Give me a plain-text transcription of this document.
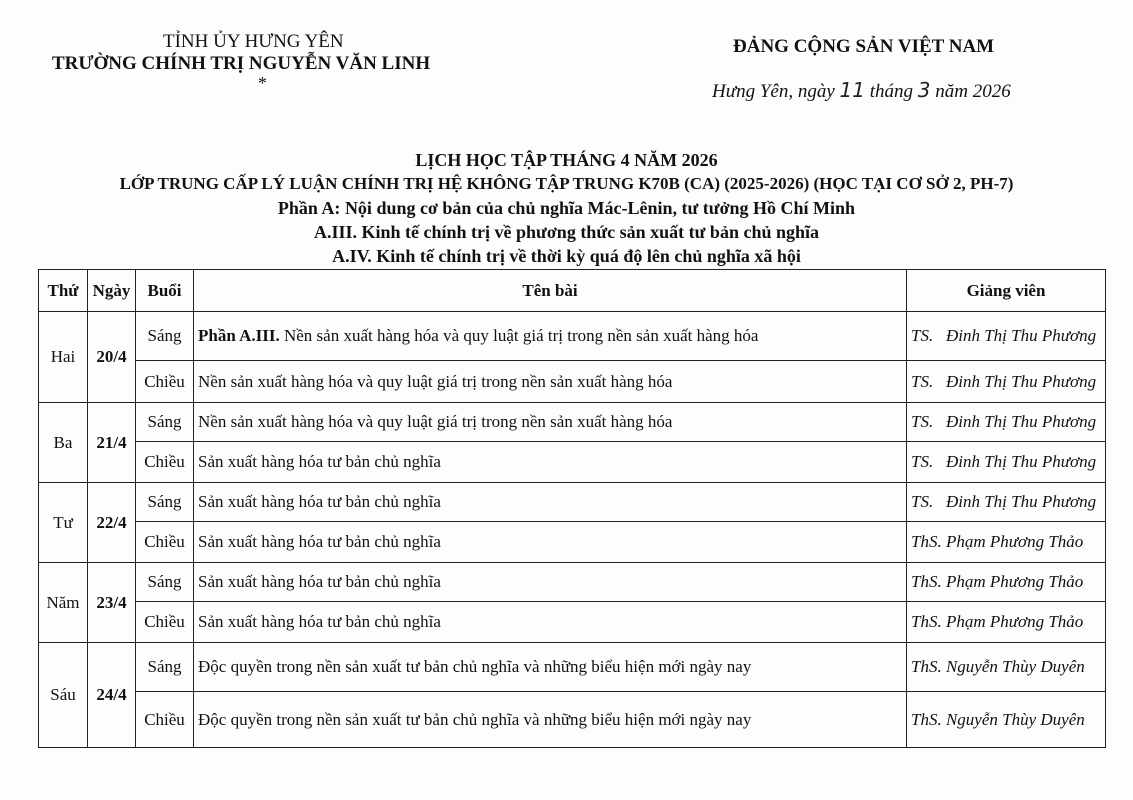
TỈNH ỦY HƯNG YÊN
TRƯỜNG CHÍNH TRỊ NGUYỄN VĂN LINH
*
ĐẢNG CỘNG SẢN VIỆT NAM
Hưng Yên, ngày 11 tháng 3 năm 2026
LỊCH HỌC TẬP THÁNG 4 NĂM 2026
LỚP TRUNG CẤP LÝ LUẬN CHÍNH TRỊ HỆ KHÔNG TẬP TRUNG K70B (CA) (2025-2026) (HỌC TẠI CƠ SỞ 2, PH-7)
Phần A: Nội dung cơ bản của chủ nghĩa Mác-Lênin, tư tưởng Hồ Chí Minh
A.III. Kinh tế chính trị về phương thức sản xuất tư bản chủ nghĩa
A.IV. Kinh tế chính trị về thời kỳ quá độ lên chủ nghĩa xã hội
Thứ	Ngày	Buổi	Tên bài	Giảng viên
Hai	20/4	Sáng	Phần A.III. Nền sản xuất hàng hóa và quy luật giá trị trong nền sản xuất hàng hóa	TS.   Đinh Thị Thu Phương
		Chiều	Nền sản xuất hàng hóa và quy luật giá trị trong nền sản xuất hàng hóa	TS.   Đinh Thị Thu Phương
Ba	21/4	Sáng	Nền sản xuất hàng hóa và quy luật giá trị trong nền sản xuất hàng hóa	TS.   Đinh Thị Thu Phương
		Chiều	Sản xuất hàng hóa tư bản chủ nghĩa	TS.   Đinh Thị Thu Phương
Tư	22/4	Sáng	Sản xuất hàng hóa tư bản chủ nghĩa	TS.   Đinh Thị Thu Phương
		Chiều	Sản xuất hàng hóa tư bản chủ nghĩa	ThS. Phạm Phương Thảo
Năm	23/4	Sáng	Sản xuất hàng hóa tư bản chủ nghĩa	ThS. Phạm Phương Thảo
		Chiều	Sản xuất hàng hóa tư bản chủ nghĩa	ThS. Phạm Phương Thảo
Sáu	24/4	Sáng	Độc quyền trong nền sản xuất tư bản chủ nghĩa và những biểu hiện mới ngày nay	ThS. Nguyễn Thùy Duyên
		Chiều	Độc quyền trong nền sản xuất tư bản chủ nghĩa và những biểu hiện mới ngày nay	ThS. Nguyễn Thùy Duyên
